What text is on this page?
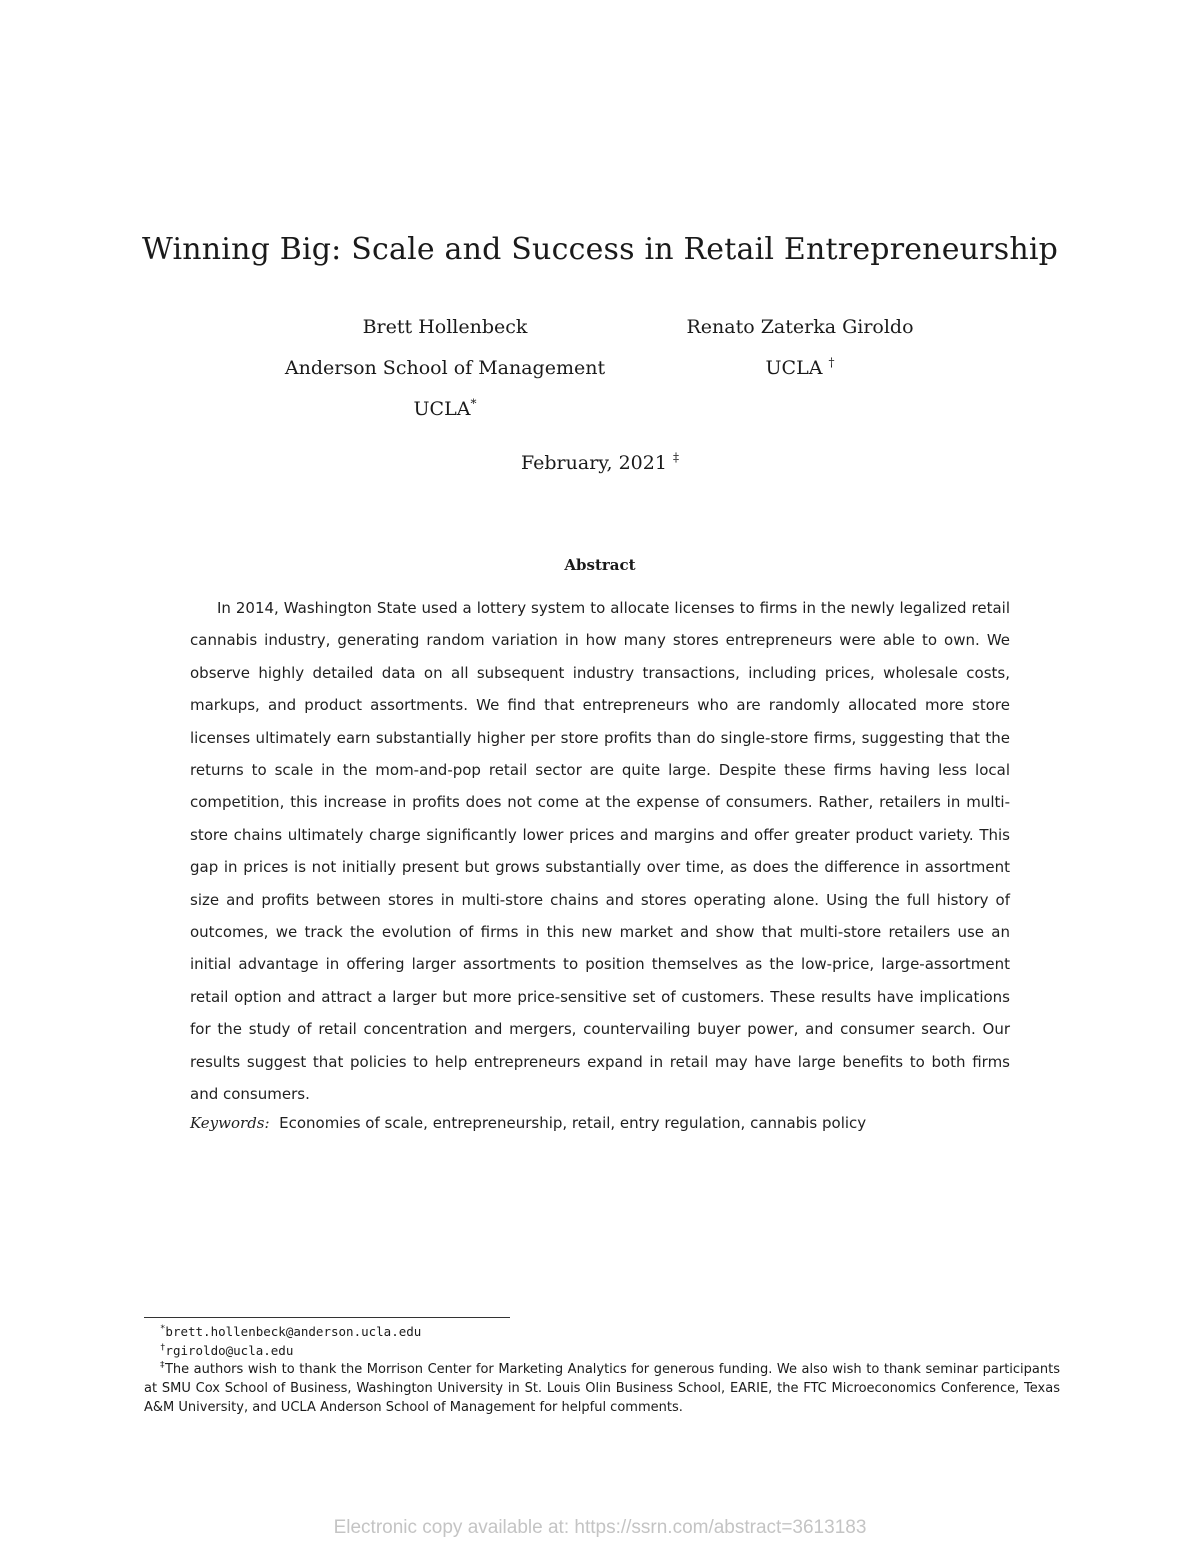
Winning Big: Scale and Success in Retail Entrepreneurship
Brett Hollenbeck
Anderson School of Management
UCLA*
Renato Zaterka Giroldo
UCLA †
February, 2021 ‡
Abstract
In 2014, Washington State used a lottery system to allocate licenses to firms in the newly legalized retail cannabis industry, generating random variation in how many stores entrepreneurs were able to own. We observe highly detailed data on all subsequent industry transactions, including prices, wholesale costs, markups, and product assortments. We find that entrepreneurs who are randomly allocated more store licenses ultimately earn substantially higher per store profits than do single-store firms, suggesting that the returns to scale in the mom-and-pop retail sector are quite large. Despite these firms having less local competition, this increase in profits does not come at the expense of consumers. Rather, retailers in multi-store chains ultimately charge significantly lower prices and margins and offer greater product variety. This gap in prices is not initially present but grows substantially over time, as does the difference in assortment size and profits between stores in multi-store chains and stores operating alone. Using the full history of outcomes, we track the evolution of firms in this new market and show that multi-store retailers use an initial advantage in offering larger assortments to position themselves as the low-price, large-assortment retail option and attract a larger but more price-sensitive set of customers. These results have implications for the study of retail concentration and mergers, countervailing buyer power, and consumer search. Our results suggest that policies to help entrepreneurs expand in retail may have large benefits to both firms and consumers.
Keywords: Economies of scale, entrepreneurship, retail, entry regulation, cannabis policy

*brett.hollenbeck@anderson.ucla.edu

†rgiroldo@ucla.edu

‡The authors wish to thank the Morrison Center for Marketing Analytics for generous funding. We also wish to thank seminar participants at SMU Cox School of Business, Washington University in St. Louis Olin Business School, EARIE, the FTC Microeconomics Conference, Texas A&M University, and UCLA Anderson School of Management for helpful comments.

Electronic copy available at: https://ssrn.com/abstract=3613183
